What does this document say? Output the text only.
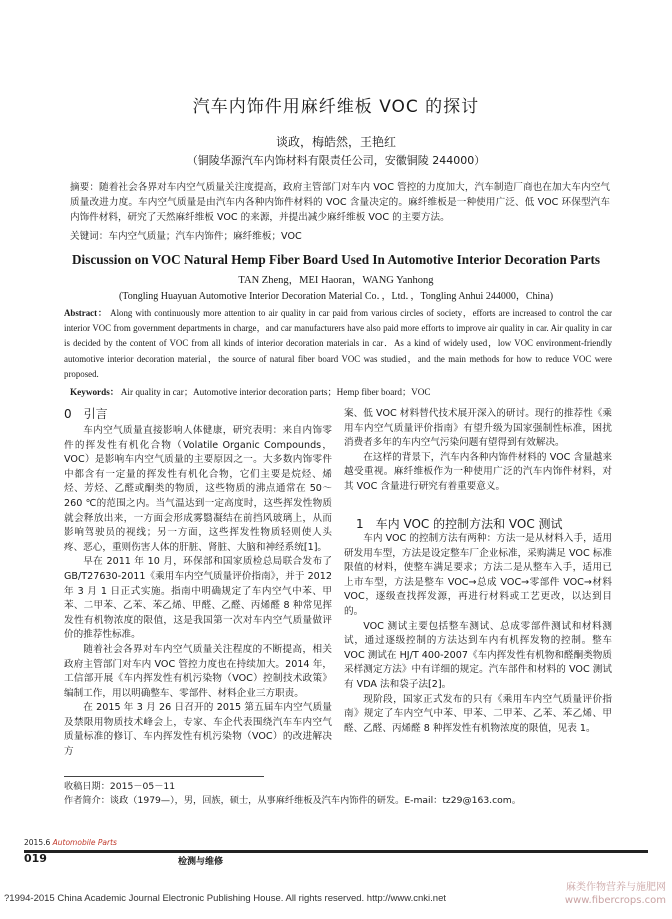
汽车内饰件用麻纤维板 VOC 的探讨
谈政，梅皓然，王艳红
（铜陵华源汽车内饰材料有限责任公司，安徽铜陵 244000）
摘要：随着社会各界对车内空气质量关注度提高，政府主管部门对车内 VOC 管控的力度加大，汽车制造厂商也在加大车内空气质量改进力度。车内空气质量是由汽车内各种内饰件材料的 VOC 含量决定的。麻纤维板是一种使用广泛、低 VOC 环保型汽车内饰件材料，研究了天然麻纤维板 VOC 的来源，并提出减少麻纤维板 VOC 的主要方法。
关键词：车内空气质量；汽车内饰件；麻纤维板；VOC
Discussion on VOC Natural Hemp Fiber Board Used In Automotive Interior Decoration Parts
TAN Zheng，MEI Haoran，WANG Yanhong
(Tongling Huayuan Automotive Interior Decoration Material Co．，Ltd．，Tongling Anhui 244000，China)
Abstract： Along with continuously more attention to air quality in car paid from various circles of society，efforts are increased to control the car interior VOC from government departments in charge，and car manufacturers have also paid more efforts to improve air quality in car. Air quality in car is decided by the content of VOC from all kinds of interior decoration materials in car．As a kind of widely used，low VOC environment-friendly automotive interior decoration material，the source of natural fiber board VOC was studied，and the main methods for how to reduce VOC were proposed.
Keywords： Air quality in car；Automotive interior decoration parts；Hemp fiber board；VOC
0　引言

车内空气质量直接影响人体健康，研究表明：来自内饰零件的挥发性有机化合物（Volatile Organic Compounds，VOC）是影响车内空气质量的主要原因之一。大多数内饰零件中都含有一定量的挥发性有机化合物，它们主要是烷烃、烯烃、芳烃、乙醛或酮类的物质，这些物质的沸点通常在 50～260 ℃的范围之内。当气温达到一定高度时，这些挥发性物质就会释放出来，一方面会形成雾翳凝结在前挡风玻璃上，从而影响驾驶员的视线；另一方面，这些挥发性物质轻则使人头疼、恶心，重则伤害人体的肝脏、肾脏、大脑和神经系统[1]。

早在 2011 年 10 月，环保部和国家质检总局联合发布了 GB/T27630-2011《乘用车内空气质量评价指南》，并于 2012 年 3 月 1 日正式实施。指南中明确规定了车内空气中苯、甲苯、二甲苯、乙苯、苯乙烯、甲醛、乙醛、丙烯醛 8 种常见挥发性有机物浓度的限值，这是我国第一次对车内空气质量做评价的推荐性标准。

随着社会各界对车内空气质量关注程度的不断提高，相关政府主管部门对车内 VOC 管控力度也在持续加大。2014 年，工信部开展《车内挥发性有机污染物（VOC）控制技术政策》编制工作，用以明确整车、零部件、材料企业三方职责。

在 2015 年 3 月 26 日召开的 2015 第五届车内空气质量及禁限用物质技术峰会上，专家、车企代表围绕汽车车内空气质量标准的修订、车内挥发性有机污染物（VOC）的改进解决方

案、低 VOC 材料替代技术展开深入的研讨。现行的推荐性《乘用车内空气质量评价指南》有望升级为国家强制性标准，困扰消费者多年的车内空气污染问题有望得到有效解决。

在这样的背景下，汽车内各种内饰件材料的 VOC 含量越来越受重视。麻纤维板作为一种使用广泛的汽车内饰件材料，对其 VOC 含量进行研究有着重要意义。

1　车内 VOC 的控制方法和 VOC 测试

车内 VOC 的控制方法有两种：方法一是从材料入手，适用研发用车型，方法是设定整车厂企业标准，采购满足 VOC 标准限值的材料，使整车满足要求；方法二是从整车入手，适用已上市车型，方法是整车 VOC→总成 VOC→零部件 VOC→材料 VOC，逐级查找挥发源，再进行材料或工艺更改，以达到目的。

VOC 测试主要包括整车测试、总成零部件测试和材料测试，通过逐级控制的方法达到车内有机挥发物的控制。整车 VOC 测试在 HJ/T 400-2007《车内挥发性有机物和醛酮类物质采样测定方法》中有详细的规定。汽车部件和材料的 VOC 测试有 VDA 法和袋子法[2]。

现阶段，国家正式发布的只有《乘用车内空气质量评价指南》规定了车内空气中苯、甲苯、二甲苯、乙苯、苯乙烯、甲醛、乙醛、丙烯醛 8 种挥发性有机物浓度的限值，见表 1。

收稿日期：2015－05－11
作者简介：谈政（1979—），男，回族，硕士，从事麻纤维板及汽车内饰件的研发。E-mail：tz29@163.com。
2015.6 Automobile Parts
019	检测与维修
?1994-2015 China Academic Journal Electronic Publishing House. All rights reserved. http://www.cnki.net
麻类作物营养与施肥网
www.fibercrops.com
